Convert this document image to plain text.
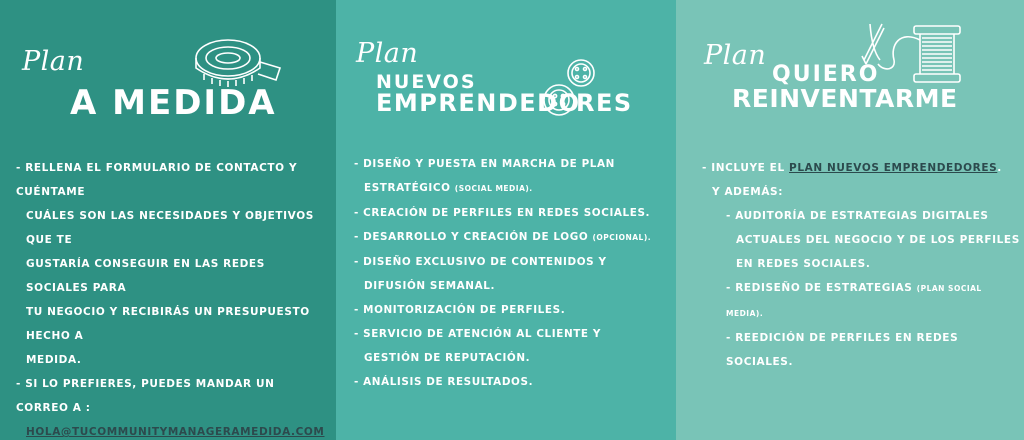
Plan
A MEDIDA
- RELLENA EL FORMULARIO DE CONTACTO Y CUÉNTAME
CUÁLES SON LAS NECESIDADES Y OBJETIVOS QUE TE
GUSTARÍA CONSEGUIR EN LAS REDES SOCIALES PARA
TU NEGOCIO Y RECIBIRÁS UN PRESUPUESTO HECHO A
MEDIDA.
- SI LO PREFIERES, PUEDES MANDAR UN CORREO A :
HOLA@TUCOMMUNITYMANAGERAMEDIDA.COM
Plan
NUEVOS
EMPRENDEDO
RES
- DISEÑO Y PUESTA EN MARCHA DE PLAN
ESTRATÉGICO (SOCIAL MEDIA).
- CREACIÓN DE PERFILES EN REDES SOCIALES.
- DESARROLLO Y CREACIÓN DE LOGO (OPCIONAL).
- DISEÑO EXCLUSIVO DE CONTENIDOS Y
DIFUSIÓN SEMANAL.
- MONITORIZACIÓN DE PERFILES.
- SERVICIO DE ATENCIÓN AL CLIENTE Y
GESTIÓN DE REPUTACIÓN.
- ANÁLISIS DE RESULTADOS.
Plan
QUIERO
REINVENTARME
- INCLUYE EL PLAN NUEVOS EMPRENDEDORES.
Y ADEMÁS:
- AUDITORÍA DE ESTRATEGIAS DIGITALES
ACTUALES DEL NEGOCIO Y DE LOS PERFILES
EN REDES SOCIALES.
- REDISEÑO DE ESTRATEGIAS (PLAN SOCIAL MEDIA).
- REEDICIÓN DE PERFILES EN REDES SOCIALES.
